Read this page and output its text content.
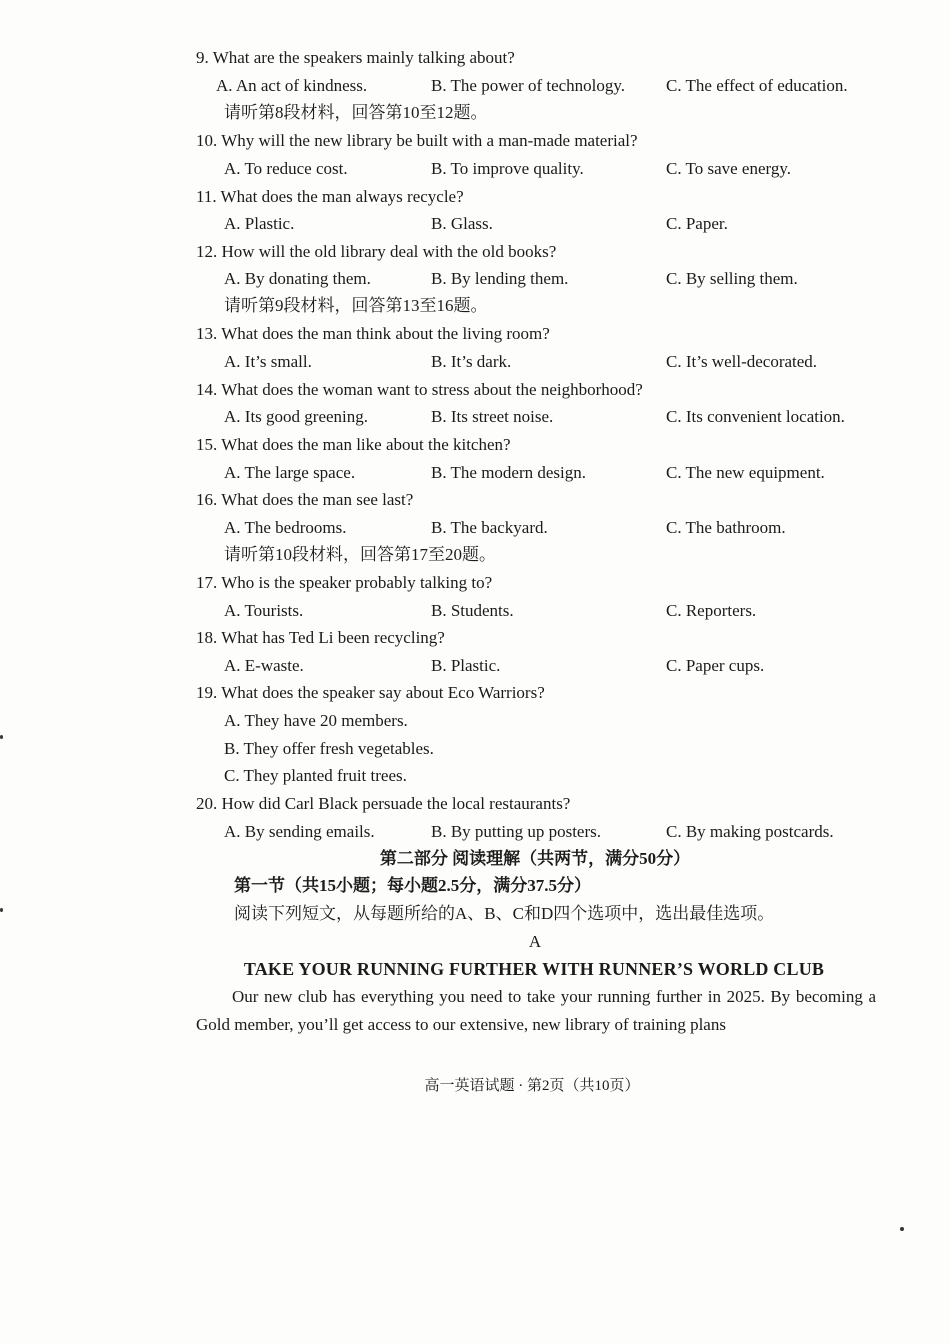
9. What are the speakers mainly talking about?
A. An act of kindness.	B. The power of technology. C. The effect of education.
请听第8段材料，回答第10至12题。
10. Why will the new library be built with a man-made material?
A. To reduce cost.	B. To improve quality.	C. To save energy.
11. What does the man always recycle?
A. Plastic.	B. Glass.	C. Paper.
12. How will the old library deal with the old books?
A. By donating them.	B. By lending them.	C. By selling them.
请听第9段材料，回答第13至16题。
13. What does the man think about the living room?
A. It’s small.	B. It’s dark.	C. It’s well-decorated.
14. What does the woman want to stress about the neighborhood?
A. Its good greening.	B. Its street noise.	C. Its convenient location.
15. What does the man like about the kitchen?
A. The large space.	B. The modern design.	C. The new equipment.
16. What does the man see last?
A. The bedrooms.	B. The backyard.	C. The bathroom.
请听第10段材料，回答第17至20题。
17. Who is the speaker probably talking to?
A. Tourists.	B. Students.	C. Reporters.
18. What has Ted Li been recycling?
A. E-waste.	B. Plastic.	C. Paper cups.
19. What does the speaker say about Eco Warriors?
A. They have 20 members.
B. They offer fresh vegetables.
C. They planted fruit trees.
20. How did Carl Black persuade the local restaurants?
A. By sending emails.	B. By putting up posters.	C. By making postcards.
第二部分 阅读理解（共两节，满分50分）
第一节（共15小题；每小题2.5分，满分37.5分）
阅读下列短文，从每题所给的A、B、C和D四个选项中，选出最佳选项。
A
TAKE YOUR RUNNING FURTHER WITH RUNNER’S WORLD CLUB
Our new club has everything you need to take your running further in 2025. By becoming a Gold member, you’ll get access to our extensive, new library of training plans
高一英语试题 · 第2页（共10页）
